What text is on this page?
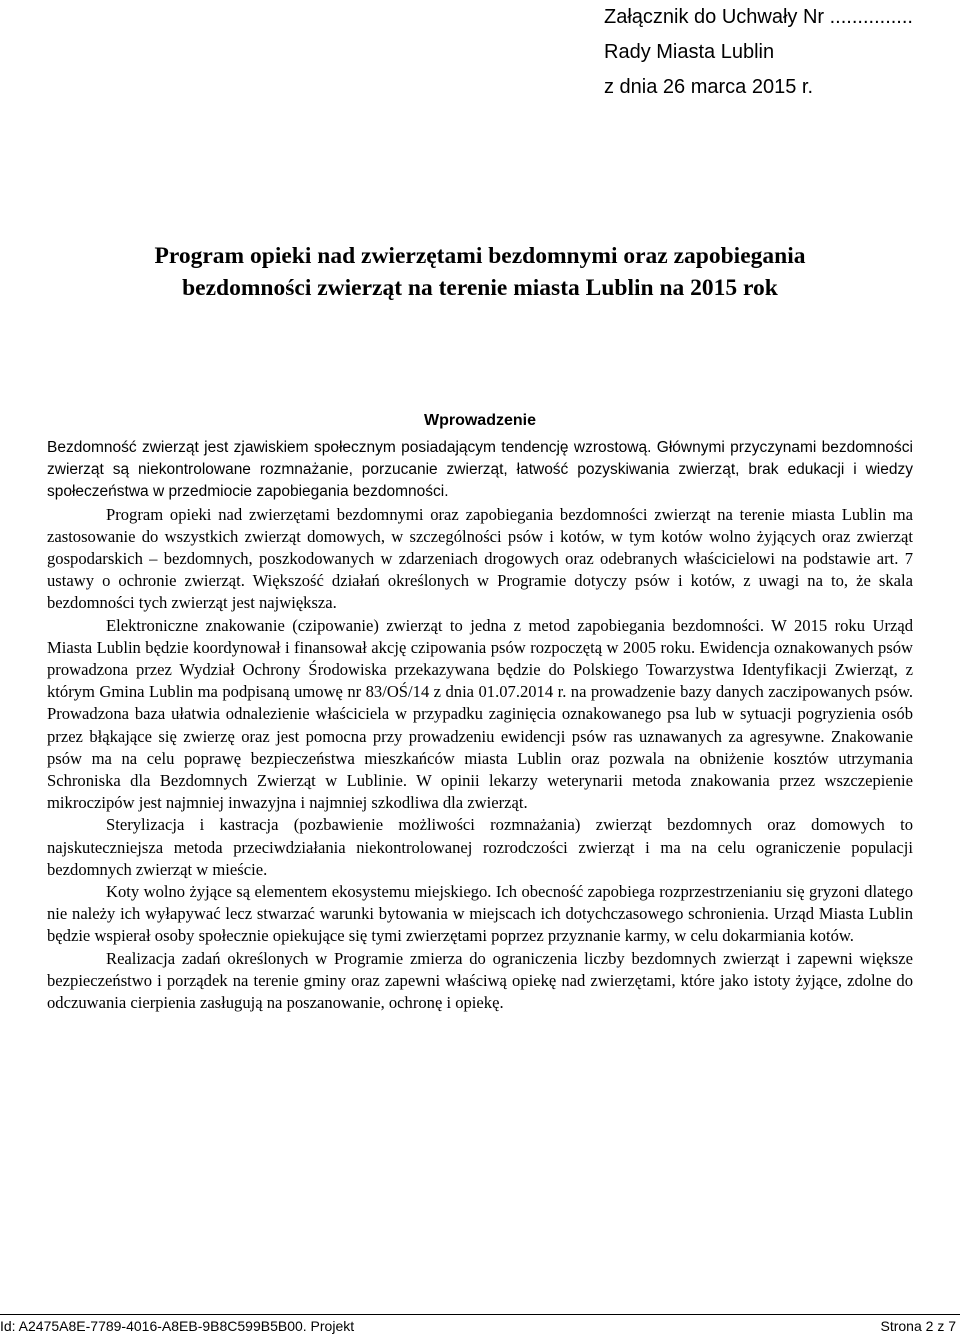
Załącznik do Uchwały Nr ...............
Rady Miasta Lublin
z dnia 26 marca 2015 r.
Program opieki nad zwierzętami bezdomnymi oraz zapobiegania
bezdomności zwierząt na terenie miasta Lublin na 2015 rok
Wprowadzenie

Bezdomność zwierząt jest zjawiskiem społecznym posiadającym tendencję wzrostową. Głównymi przyczynami bezdomności zwierząt są niekontrolowane rozmnażanie, porzucanie zwierząt, łatwość pozyskiwania zwierząt, brak edukacji i wiedzy społeczeństwa w przedmiocie zapobiegania bezdomności.

Program opieki nad zwierzętami bezdomnymi oraz zapobiegania bezdomności zwierząt na terenie miasta Lublin ma zastosowanie do wszystkich zwierząt domowych, w szczególności psów i kotów, w tym kotów wolno żyjących oraz zwierząt gospodarskich – bezdomnych, poszkodowanych w zdarzeniach drogowych oraz odebranych właścicielowi na podstawie art. 7 ustawy o ochronie zwierząt. Większość działań określonych w Programie dotyczy psów i kotów, z uwagi na to, że skala bezdomności tych zwierząt jest największa.

Elektroniczne znakowanie (czipowanie) zwierząt to jedna z metod zapobiegania bezdomności. W 2015 roku Urząd Miasta Lublin będzie koordynował i finansował akcję czipowania psów rozpoczętą w 2005 roku. Ewidencja oznakowanych psów prowadzona przez Wydział Ochrony Środowiska przekazywana będzie do Polskiego Towarzystwa Identyfikacji Zwierząt, z którym Gmina Lublin ma podpisaną umowę nr 83/OŚ/14 z dnia 01.07.2014 r. na prowadzenie bazy danych zaczipowanych psów. Prowadzona baza ułatwia odnalezienie właściciela w przypadku zaginięcia oznakowanego psa lub w sytuacji pogryzienia osób przez błąkające się zwierzę oraz jest pomocna przy prowadzeniu ewidencji psów ras uznawanych za agresywne. Znakowanie psów ma na celu poprawę bezpieczeństwa mieszkańców miasta Lublin oraz pozwala na obniżenie kosztów utrzymania Schroniska dla Bezdomnych Zwierząt w Lublinie. W opinii lekarzy weterynarii metoda znakowania przez wszczepienie mikroczipów jest najmniej inwazyjna i najmniej szkodliwa dla zwierząt.

Sterylizacja i kastracja (pozbawienie możliwości rozmnażania) zwierząt bezdomnych oraz domowych to najskuteczniejsza metoda przeciwdziałania niekontrolowanej rozrodczości zwierząt i ma na celu ograniczenie populacji bezdomnych zwierząt w mieście.

Koty wolno żyjące są elementem ekosystemu miejskiego. Ich obecność zapobiega rozprzestrzenianiu się gryzoni dlatego nie należy ich wyłapywać lecz stwarzać warunki bytowania w miejscach ich dotychczasowego schronienia. Urząd Miasta Lublin będzie wspierał osoby społecznie opiekujące się tymi zwierzętami poprzez przyznanie karmy, w celu dokarmiania kotów.

Realizacja zadań określonych w Programie zmierza do ograniczenia liczby bezdomnych zwierząt i zapewni większe bezpieczeństwo i porządek na terenie gminy oraz zapewni właściwą opiekę nad zwierzętami, które jako istoty żyjące, zdolne do odczuwania cierpienia zasługują na poszanowanie, ochronę i opiekę.

Id: A2475A8E-7789-4016-A8EB-9B8C599B5B00. Projekt	Strona 2 z 7
